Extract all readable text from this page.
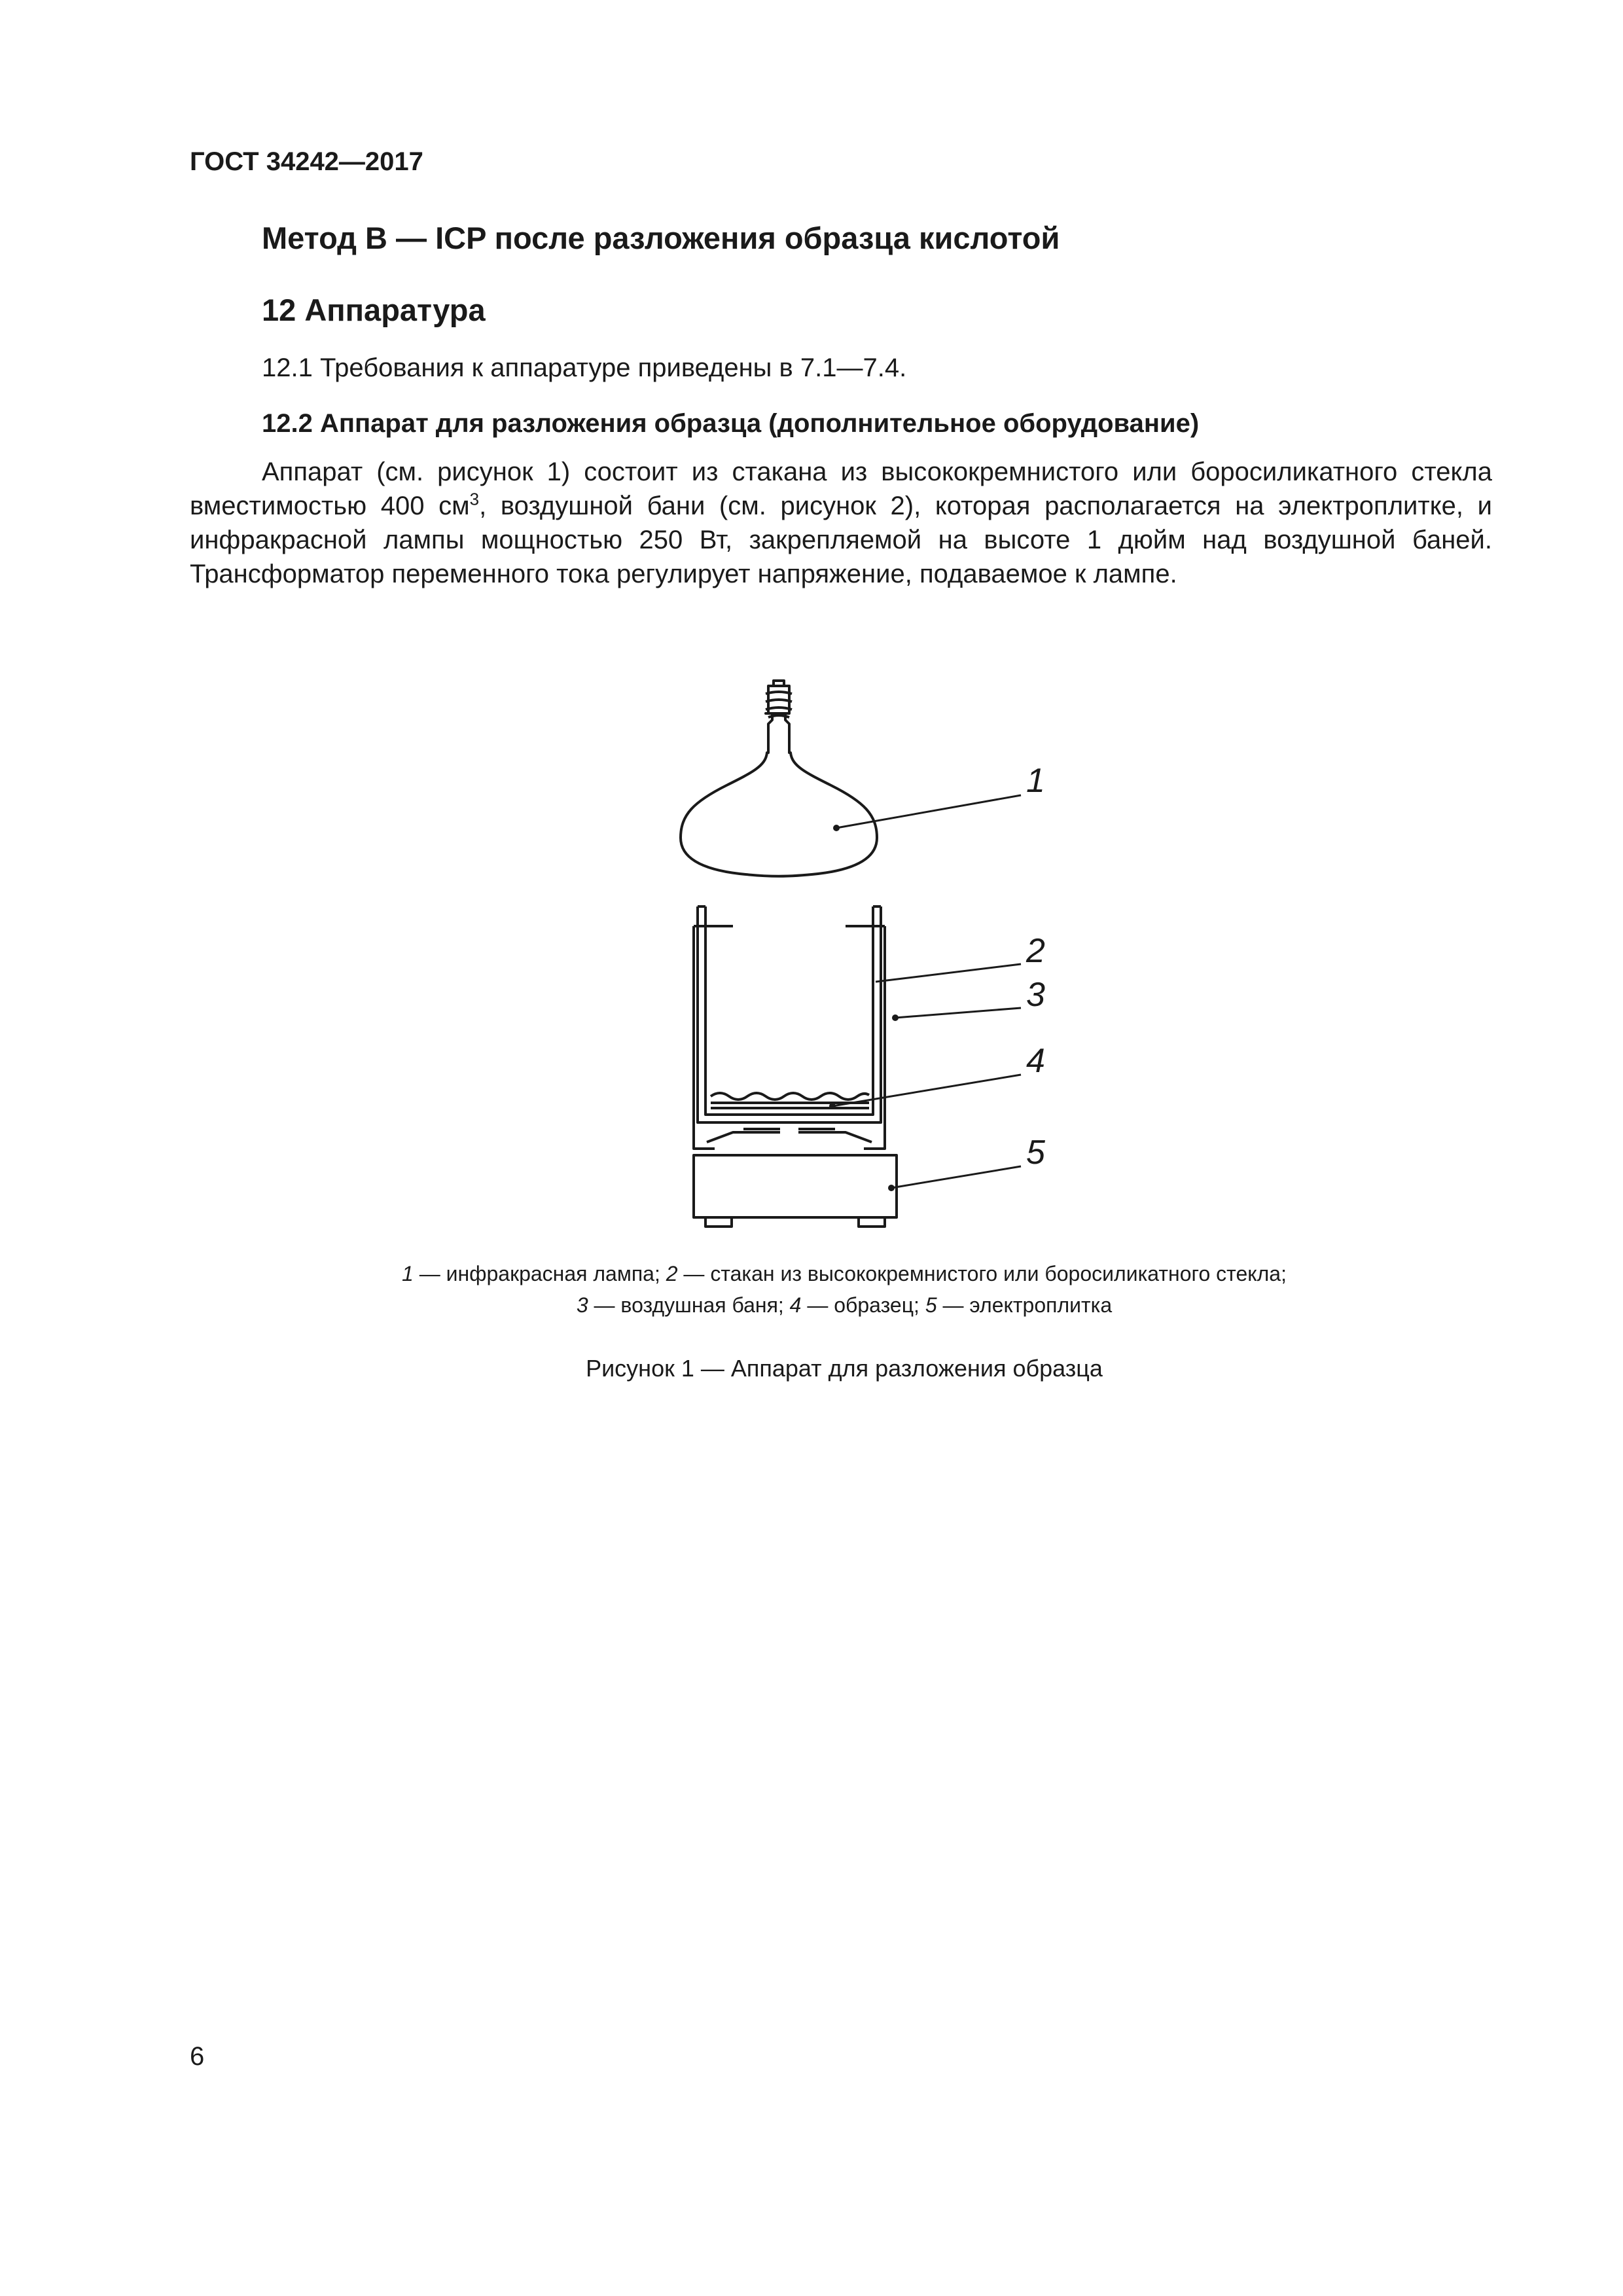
ГОСТ 34242—2017
Метод В — ICP после разложения образца кислотой
12 Аппаратура
12.1 Требования к аппаратуре приведены в 7.1—7.4.
12.2 Аппарат для разложения образца (дополнительное оборудование)
Аппарат (см. рисунок 1) состоит из стакана из высококремнистого или боросиликатного стекла вместимостью 400 $см^3$, воздушной бани (см. рисунок 2), которая располагается на электроплитке, и инфракрасной лампы мощностью 250 Вт, закрепляемой на высоте 1 дюйм над воздушной баней. Трансформатор переменного тока регулирует напряжение, подаваемое к лампе.
1
2
3
4
5
1 — инфракрасная лампа; 2 — стакан из высококремнистого или боросиликатного стекла;
3 — воздушная баня; 4 — образец; 5 — электроплитка
Рисунок 1 — Аппарат для разложения образца
6
